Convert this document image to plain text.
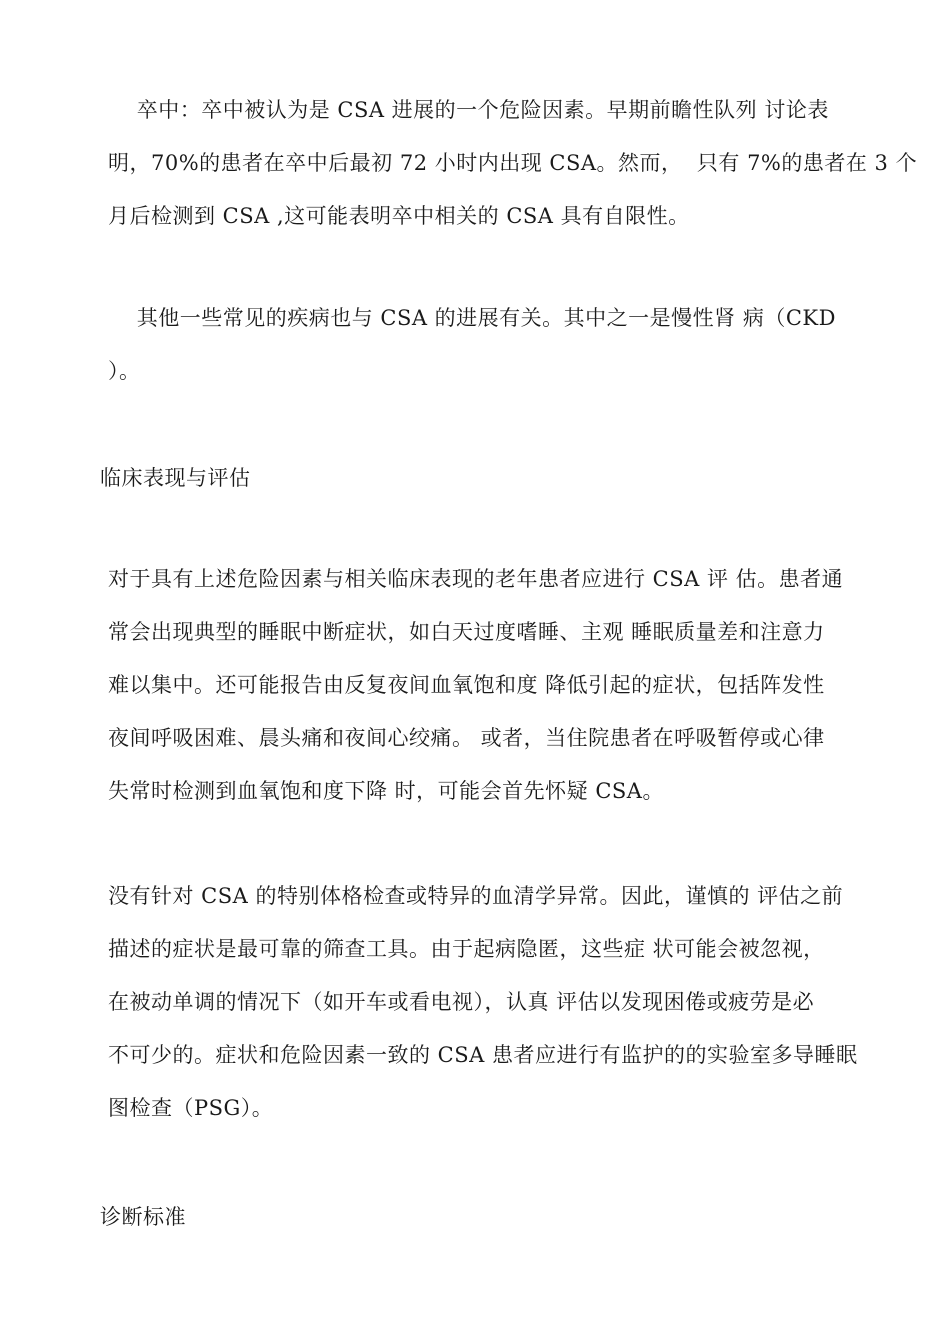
卒中：卒中被认为是 CSA 进展的一个危险因素。早期前瞻性队列 讨论表
明，70%的患者在卒中后最初 72 小时内出现 CSA。然而，  只有 7%的患者在 3 个
月后检测到 CSA ,这可能表明卒中相关的 CSA 具有自限性。
其他一些常见的疾病也与 CSA 的进展有关。其中之一是慢性肾 病（CKD
）。
临床表现与评估
对于具有上述危险因素与相关临床表现的老年患者应进行 CSA 评 估。患者通
常会出现典型的睡眠中断症状，如白天过度嗜睡、主观 睡眠质量差和注意力
难以集中。还可能报告由反复夜间血氧饱和度 降低引起的症状，包括阵发性
夜间呼吸困难、晨头痛和夜间心绞痛。 或者，当住院患者在呼吸暂停或心律
失常时检测到血氧饱和度下降 时，可能会首先怀疑 CSA。
没有针对 CSA 的特别体格检查或特异的血清学异常。因此，谨慎的 评估之前
描述的症状是最可靠的筛查工具。由于起病隐匿，这些症 状可能会被忽视，
在被动单调的情况下（如开车或看电视），认真 评估以发现困倦或疲劳是必
不可少的。症状和危险因素一致的 CSA 患者应进行有监护的的实验室多导睡眠
图检查（PSG）。
诊断标准
